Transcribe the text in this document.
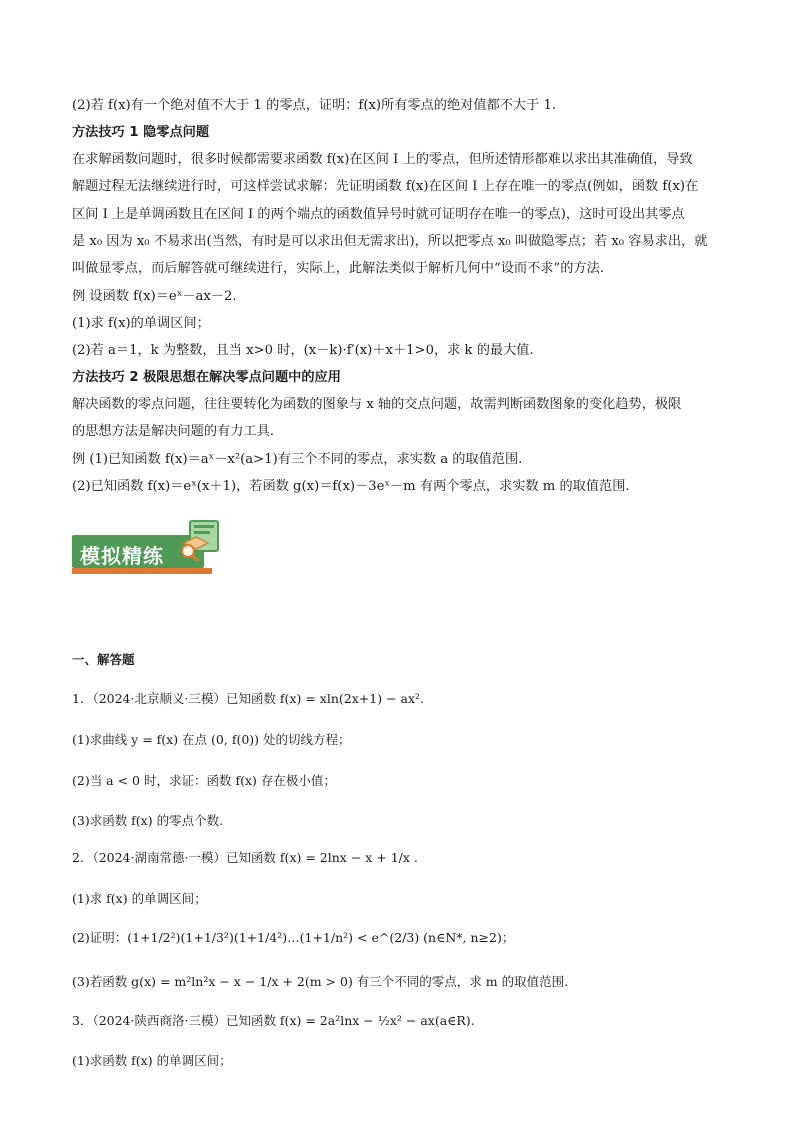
(2)若 f(x)有一个绝对值不大于 1 的零点，证明：f(x)所有零点的绝对值都不大于 1.
方法技巧 1 隐零点问题
在求解函数问题时，很多时候都需要求函数 f(x)在区间 I 上的零点，但所述情形都难以求出其准确值，导致
解题过程无法继续进行时，可这样尝试求解：先证明函数 f(x)在区间 I 上存在唯一的零点(例如，函数 f(x)在
区间 I 上是单调函数且在区间 I 的两个端点的函数值异号时就可证明存在唯一的零点)，这时可设出其零点
是 x₀ 因为 x₀ 不易求出(当然，有时是可以求出但无需求出)，所以把零点 x₀ 叫做隐零点；若 x₀ 容易求出，就
叫做显零点，而后解答就可继续进行，实际上，此解法类似于解析几何中“设而不求”的方法.
例 设函数 f(x)＝eˣ－ax－2.
(1)求 f(x)的单调区间；
(2)若 a＝1，k 为整数，且当 x>0 时，(x－k)·f′(x)＋x＋1>0，求 k 的最大值.
方法技巧 2 极限思想在解决零点问题中的应用
解决函数的零点问题，往往要转化为函数的图象与 x 轴的交点问题，故需判断函数图象的变化趋势，极限
的思想方法是解决问题的有力工具.
例 (1)已知函数 f(x)＝aˣ－x²(a>1)有三个不同的零点，求实数 a 的取值范围.
(2)已知函数 f(x)＝eˣ(x＋1)，若函数 g(x)＝f(x)－3eˣ－m 有两个零点，求实数 m 的取值范围.
模拟精练
一、解答题
1．（2024·北京顺义·三模）已知函数 f(x) = xln(2x+1) − ax².
(1)求曲线 y = f(x) 在点 (0, f(0)) 处的切线方程；
(2)当 a < 0 时，求证：函数 f(x) 存在极小值；
(3)求函数 f(x) 的零点个数.
2．（2024·湖南常德·一模）已知函数 f(x) = 2lnx − x + 1/x .
(1)求 f(x) 的单调区间；
(2)证明：(1+1/2²)(1+1/3²)(1+1/4²)…(1+1/n²) < e^(2/3) (n∈N*, n≥2)；
(3)若函数 g(x) = m²ln²x − x − 1/x + 2(m > 0) 有三个不同的零点，求 m 的取值范围.
3．（2024·陕西商洛·三模）已知函数 f(x) = 2a²lnx − ½x² − ax(a∈R).
(1)求函数 f(x) 的单调区间；
